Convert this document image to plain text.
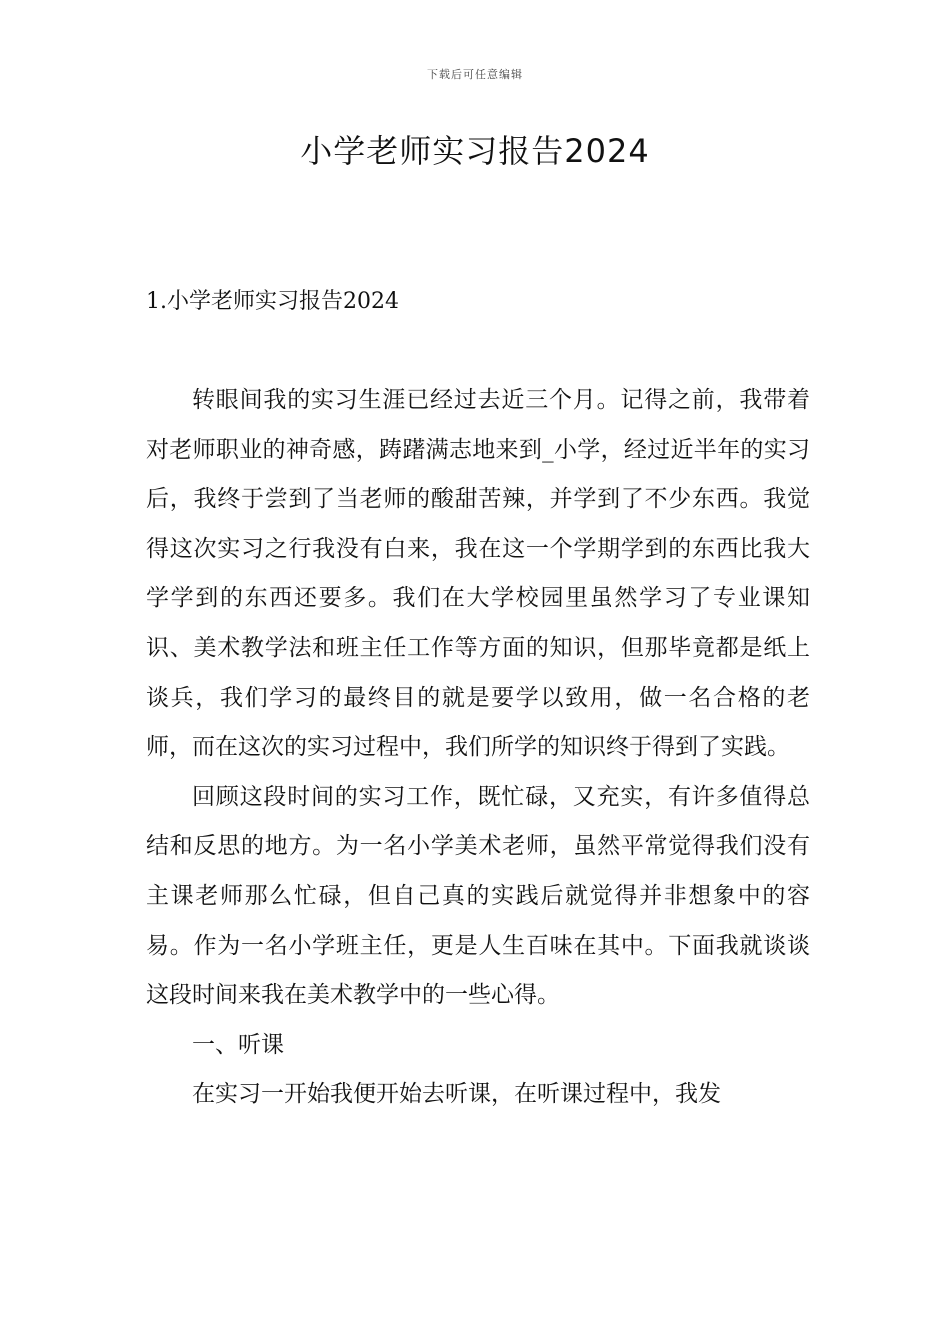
下载后可任意编辑
小学老师实习报告2024
1.小学老师实习报告2024

转眼间我的实习生涯已经过去近三个月。记得之前，我带着对老师职业的神奇感，踌躇满志地来到_小学，经过近半年的实习后，我终于尝到了当老师的酸甜苦辣，并学到了不少东西。我觉得这次实习之行我没有白来，我在这一个学期学到的东西比我大学学到的东西还要多。我们在大学校园里虽然学习了专业课知识、美术教学法和班主任工作等方面的知识，但那毕竟都是纸上谈兵，我们学习的最终目的就是要学以致用，做一名合格的老师，而在这次的实习过程中，我们所学的知识终于得到了实践。

回顾这段时间的实习工作，既忙碌，又充实，有许多值得总结和反思的地方。为一名小学美术老师，虽然平常觉得我们没有主课老师那么忙碌，但自己真的实践后就觉得并非想象中的容易。作为一名小学班主任，更是人生百味在其中。下面我就谈谈这段时间来我在美术教学中的一些心得。

一、听课

在实习一开始我便开始去听课，在听课过程中，我发
